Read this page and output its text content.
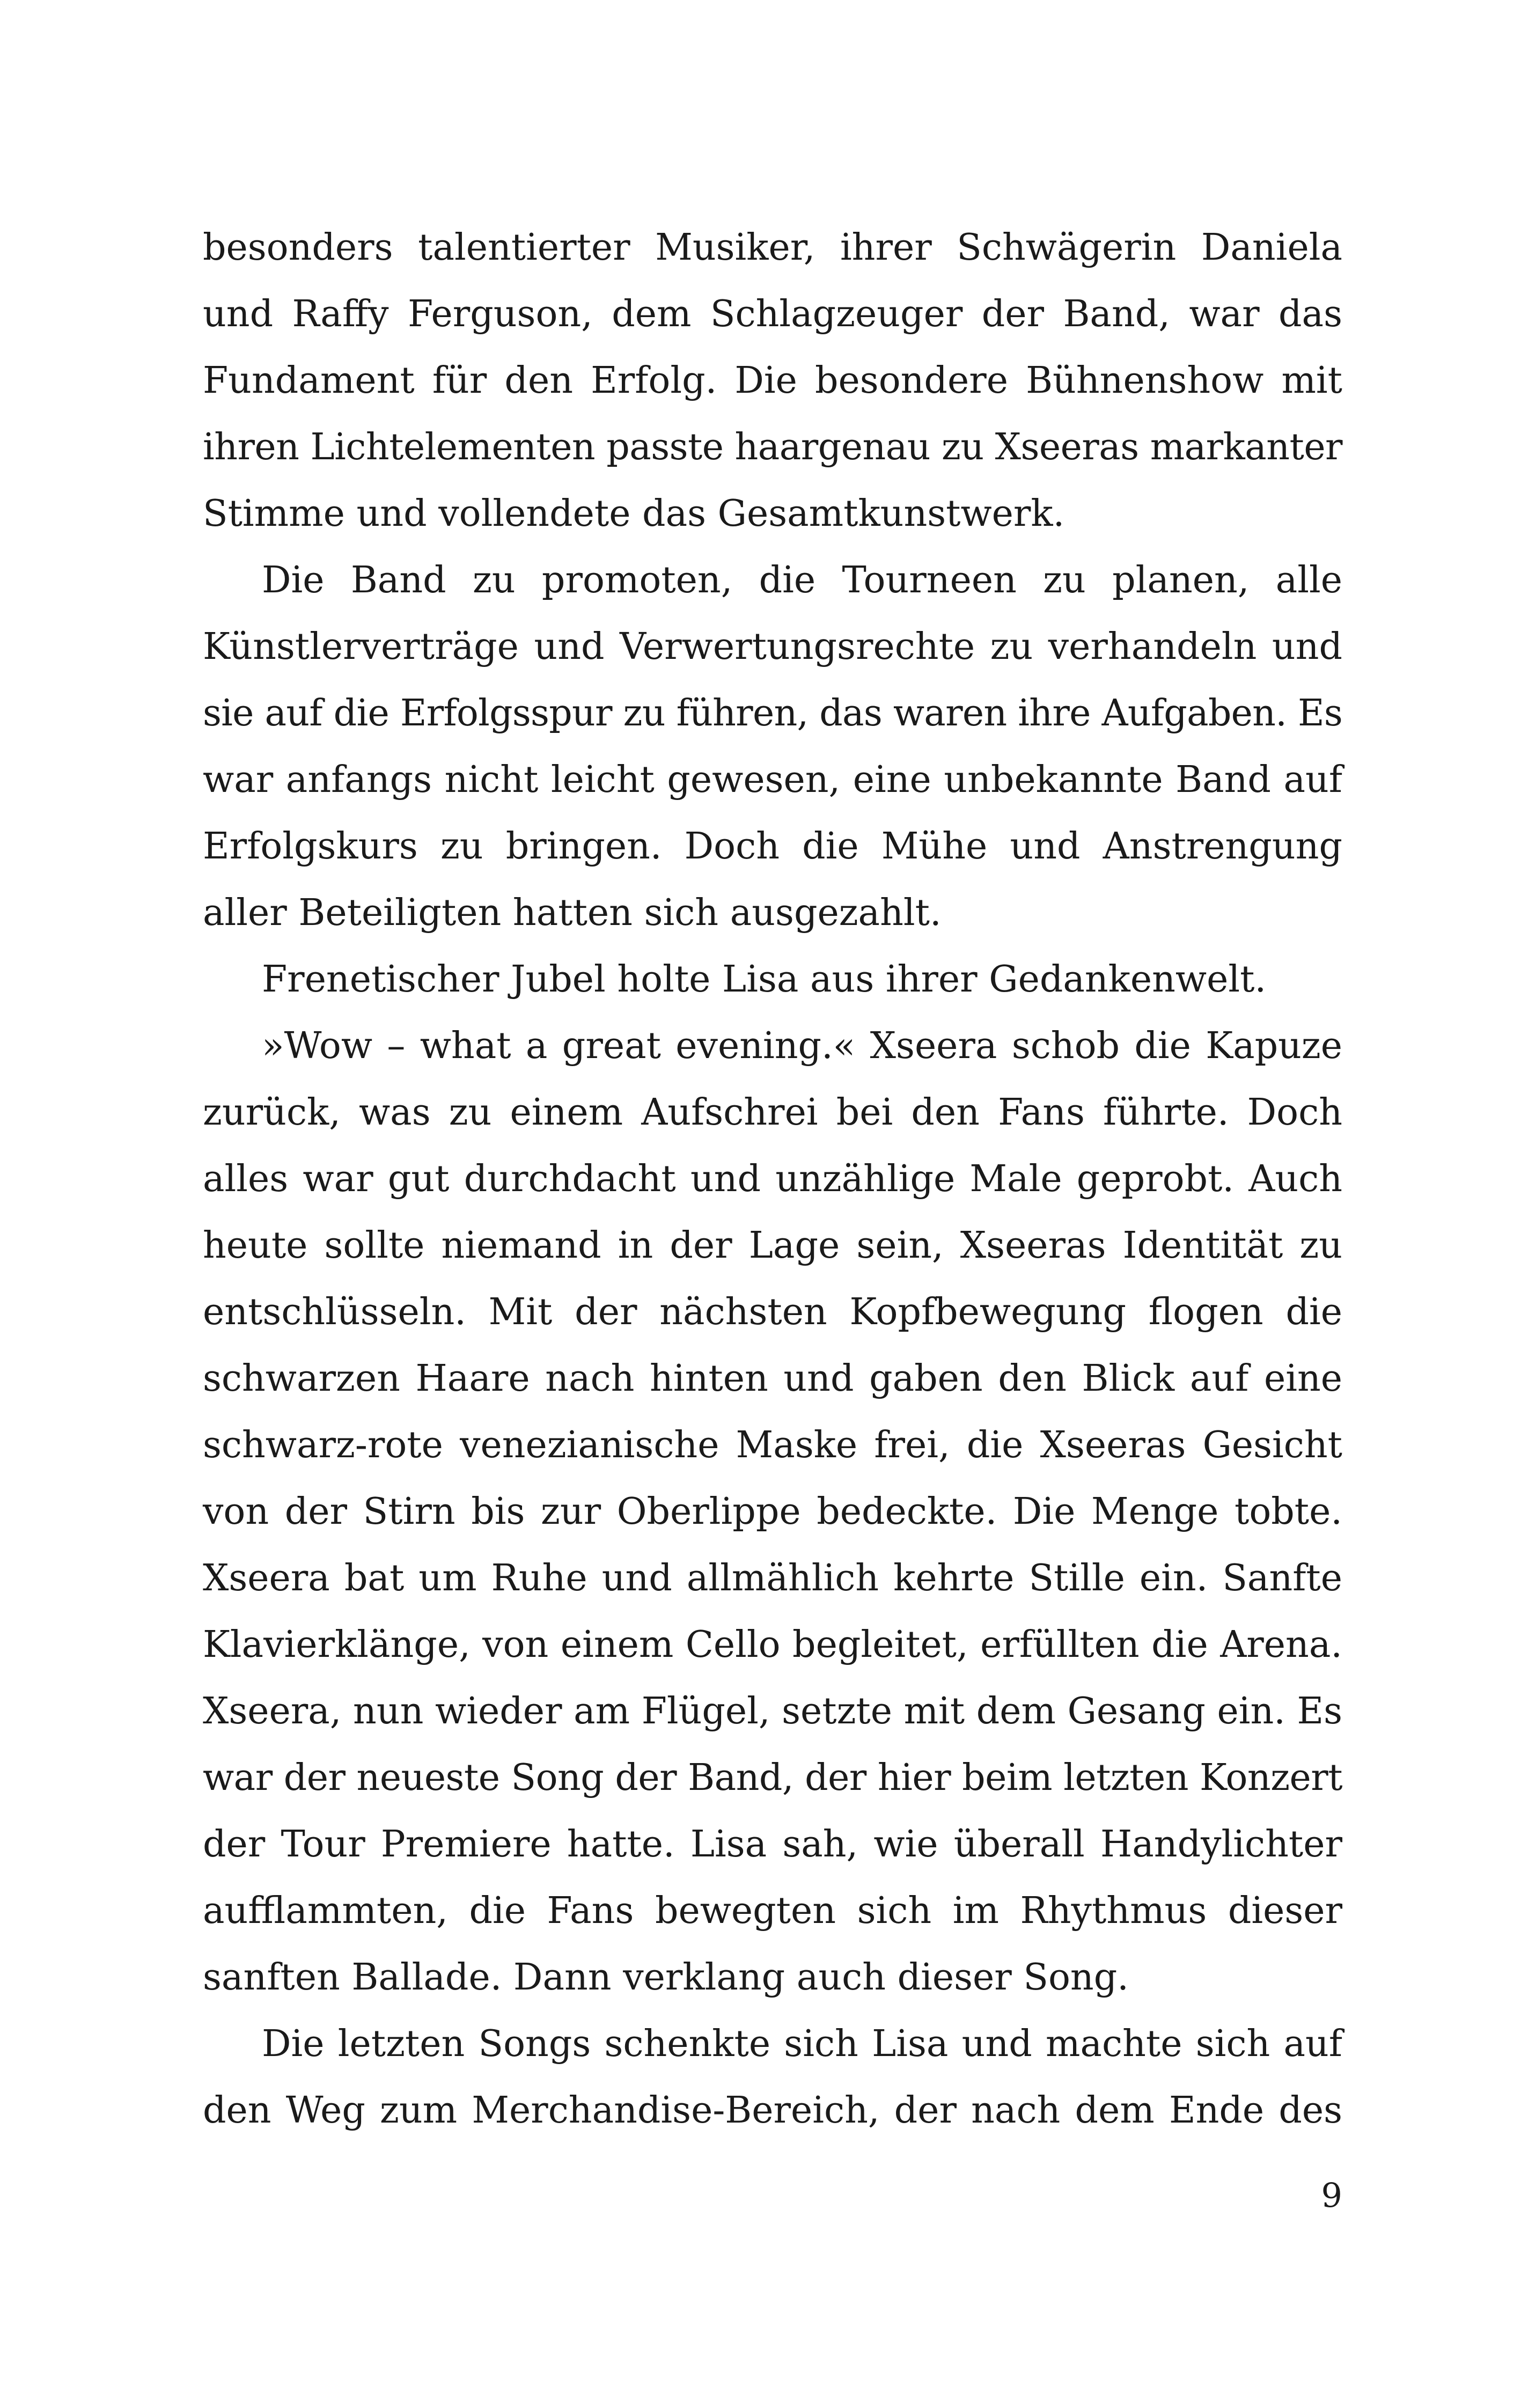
besonders talentierter Musiker, ihrer Schwägerin Daniela
und Raffy Ferguson, dem Schlagzeuger der Band, war das
Fundament für den Erfolg. Die besondere Bühnenshow mit
ihren Lichtelementen passte haargenau zu Xseeras markanter
Stimme und vollendete das Gesamtkunstwerk.
Die Band zu promoten, die Tourneen zu planen, alle
Künstlerverträge und Verwertungsrechte zu verhandeln und
sie auf die Erfolgsspur zu führen, das waren ihre Aufgaben. Es
war anfangs nicht leicht gewesen, eine unbekannte Band auf
Erfolgskurs zu bringen. Doch die Mühe und Anstrengung
aller Beteiligten hatten sich ausgezahlt.
Frenetischer Jubel holte Lisa aus ihrer Gedankenwelt.
»Wow – what a great evening.« Xseera schob die Kapuze
zurück, was zu einem Aufschrei bei den Fans führte. Doch
alles war gut durchdacht und unzählige Male geprobt. Auch
heute sollte niemand in der Lage sein, Xseeras Identität zu
entschlüsseln. Mit der nächsten Kopfbewegung flogen die
schwarzen Haare nach hinten und gaben den Blick auf eine
schwarz-rote venezianische Maske frei, die Xseeras Gesicht
von der Stirn bis zur Oberlippe bedeckte. Die Menge tobte.
Xseera bat um Ruhe und allmählich kehrte Stille ein. Sanfte
Klavierklänge, von einem Cello begleitet, erfüllten die Arena.
Xseera, nun wieder am Flügel, setzte mit dem Gesang ein. Es
war der neueste Song der Band, der hier beim letzten Konzert
der Tour Premiere hatte. Lisa sah, wie überall Handylichter
aufflammten, die Fans bewegten sich im Rhythmus dieser
sanften Ballade. Dann verklang auch dieser Song.
Die letzten Songs schenkte sich Lisa und machte sich auf
den Weg zum Merchandise-Bereich, der nach dem Ende des
9
